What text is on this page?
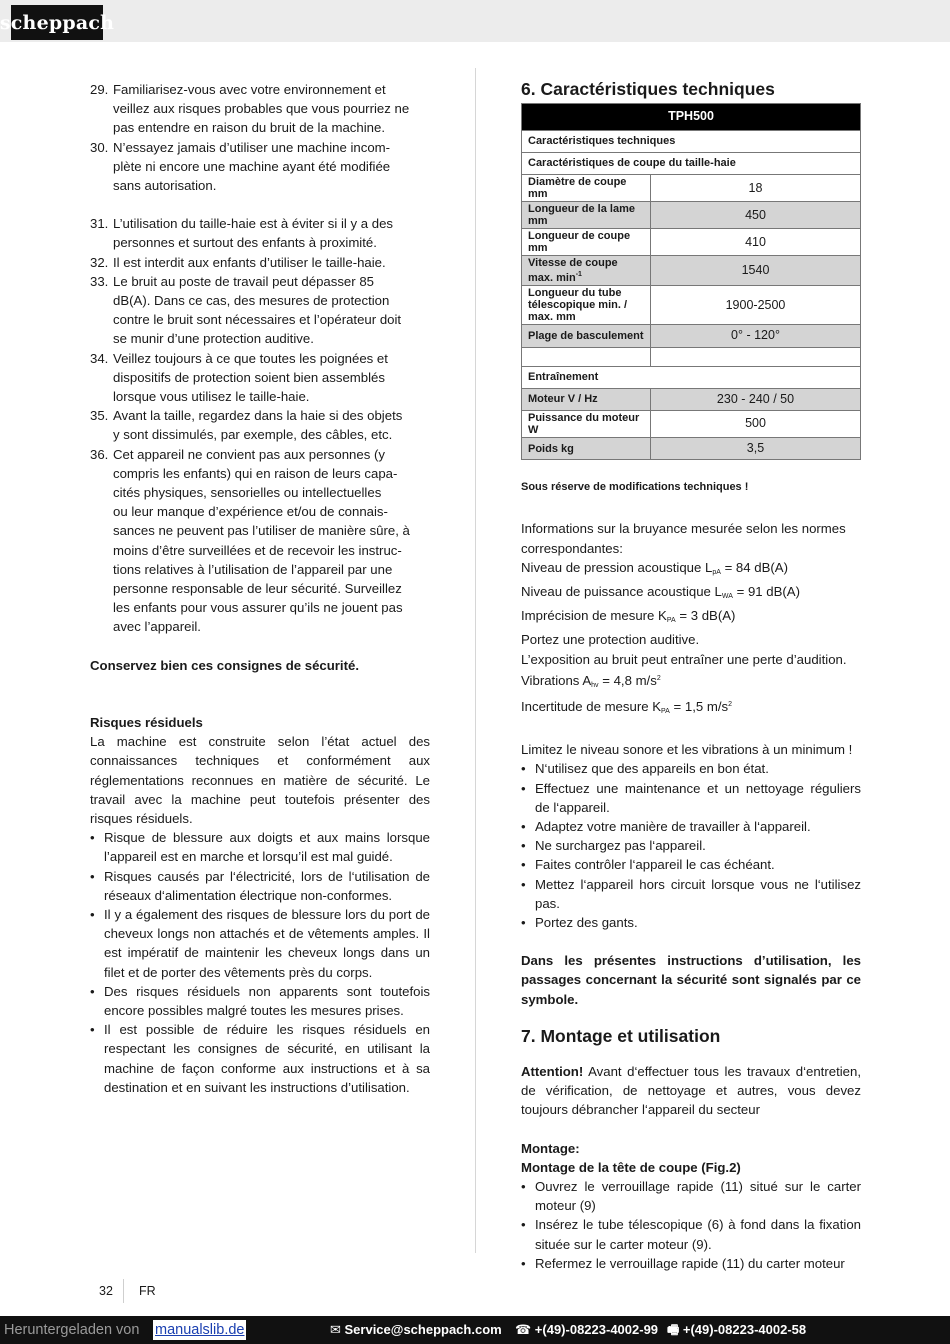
scheppach
29. Familiarisez-vous avec votre environnement et
veillez aux risques probables que vous pourriez ne
pas entendre en raison du bruit de la machine.
30. N’essayez jamais d’utiliser une machine incom-
plète ni encore une machine ayant été modifiée
sans autorisation.
31. L’utilisation du taille-haie est à éviter si il y a des
personnes et surtout des enfants à proximité.
32. Il est interdit aux enfants d’utiliser le taille-haie.
33. Le bruit au poste de travail peut dépasser 85
dB(A). Dans ce cas, des mesures de protection
contre le bruit sont nécessaires et l’opérateur doit
se munir d’une protection auditive.
34. Veillez toujours à ce que toutes les poignées et
dispositifs de protection soient bien assemblés
lorsque vous utilisez le taille-haie.
35. Avant la taille, regardez dans la haie si des objets
y sont dissimulés, par exemple, des câbles, etc.
36. Cet appareil ne convient pas aux personnes (y
compris les enfants) qui en raison de leurs capa-
cités physiques, sensorielles ou intellectuelles
ou leur manque d’expérience et/ou de connais-
sances ne peuvent pas l’utiliser de manière sûre, à
moins d’être surveillées et de recevoir les instruc-
tions relatives à l’utilisation de l’appareil par une
personne responsable de leur sécurité. Surveillez
les enfants pour vous assurer qu’ils ne jouent pas
avec l’appareil.
Conservez bien ces consignes de sécurité.
Risques résiduels
La machine est construite selon l’état actuel des connaissances techniques et conformément aux réglementations reconnues en matière de sécurité. Le travail avec la machine peut toutefois présenter des risques résiduels.
• Risque de blessure aux doigts et aux mains lorsque l’appareil est en marche et lorsqu’il est mal guidé.
• Risques causés par l‘électricité, lors de l‘utilisation de réseaux d‘alimentation électrique non-conformes.
• Il y a également des risques de blessure lors du port de cheveux longs non attachés et de vêtements amples. Il est impératif de maintenir les cheveux longs dans un filet et de porter des vêtements près du corps.
• Des risques résiduels non apparents sont toutefois encore possibles malgré toutes les mesures prises.
• Il est possible de réduire les risques résiduels en respectant les consignes de sécurité, en utilisant la machine de façon conforme aux instructions et à sa destination et en suivant les instructions d’utilisation.
6. Caractéristiques techniques
TPH500	
Caractéristiques techniques	
Caractéristiques de coupe du taille-haie	
Diamètre de coupe mm	18
Longueur de la lame mm	450
Longueur de coupe mm	410
Vitesse de coupe max. $\min^{-1}$	1540
Longueur du tube télescopique min. / max. mm	1900-2500
Plage de basculement	0° - 120°

Entraînement	
Moteur V / Hz	230 - 240 / 50
Puissance du moteur W	500
Poids kg	3,5
Sous réserve de modifications techniques !
Informations sur la bruyance mesurée selon les normes correspondantes:
Niveau de pression acoustique $L_{pA} = 84$ dB(A)
Niveau de puissance acoustique $L_{WA} = 91$ dB(A)
Imprécision de mesure $K_{PA} = 3$ dB(A)
Portez une protection auditive.
L’exposition au bruit peut entraîner une perte d’audition.
Vibrations $A_{hv} = 4,8$ $m/s^2$
Incertitude de mesure $K_{PA} = 1,5$ $m/s^2$
Limitez le niveau sonore et les vibrations à un minimum !
• N‘utilisez que des appareils en bon état.
• Effectuez une maintenance et un nettoyage réguliers de l‘appareil.
• Adaptez votre manière de travailler à l‘appareil.
• Ne surchargez pas l‘appareil.
• Faites contrôler l‘appareil le cas échéant.
• Mettez l‘appareil hors circuit lorsque vous ne l‘utilisez pas.
• Portez des gants.
Dans les présentes instructions d’utilisation, les passages concernant la sécurité sont signalés par ce symbole.
7. Montage et utilisation
Attention! Avant d‘effectuer tous les travaux d‘entretien, de vérification, de nettoyage et autres, vous devez toujours débrancher l‘appareil du secteur
Montage:
Montage de la tête de coupe (Fig.2)
• Ouvrez le verrouillage rapide (11) situé sur le carter moteur (9)
• Insérez le tube télescopique (6) à fond dans la fixation située sur le carter moteur (9).
• Refermez le verrouillage rapide (11) du carter moteur
32 FR
Heruntergeladen von manualslib.de	✉ Service@scheppach.com ☎ +(49)-08223-4002-99 🖷 +(49)-08223-4002-58
